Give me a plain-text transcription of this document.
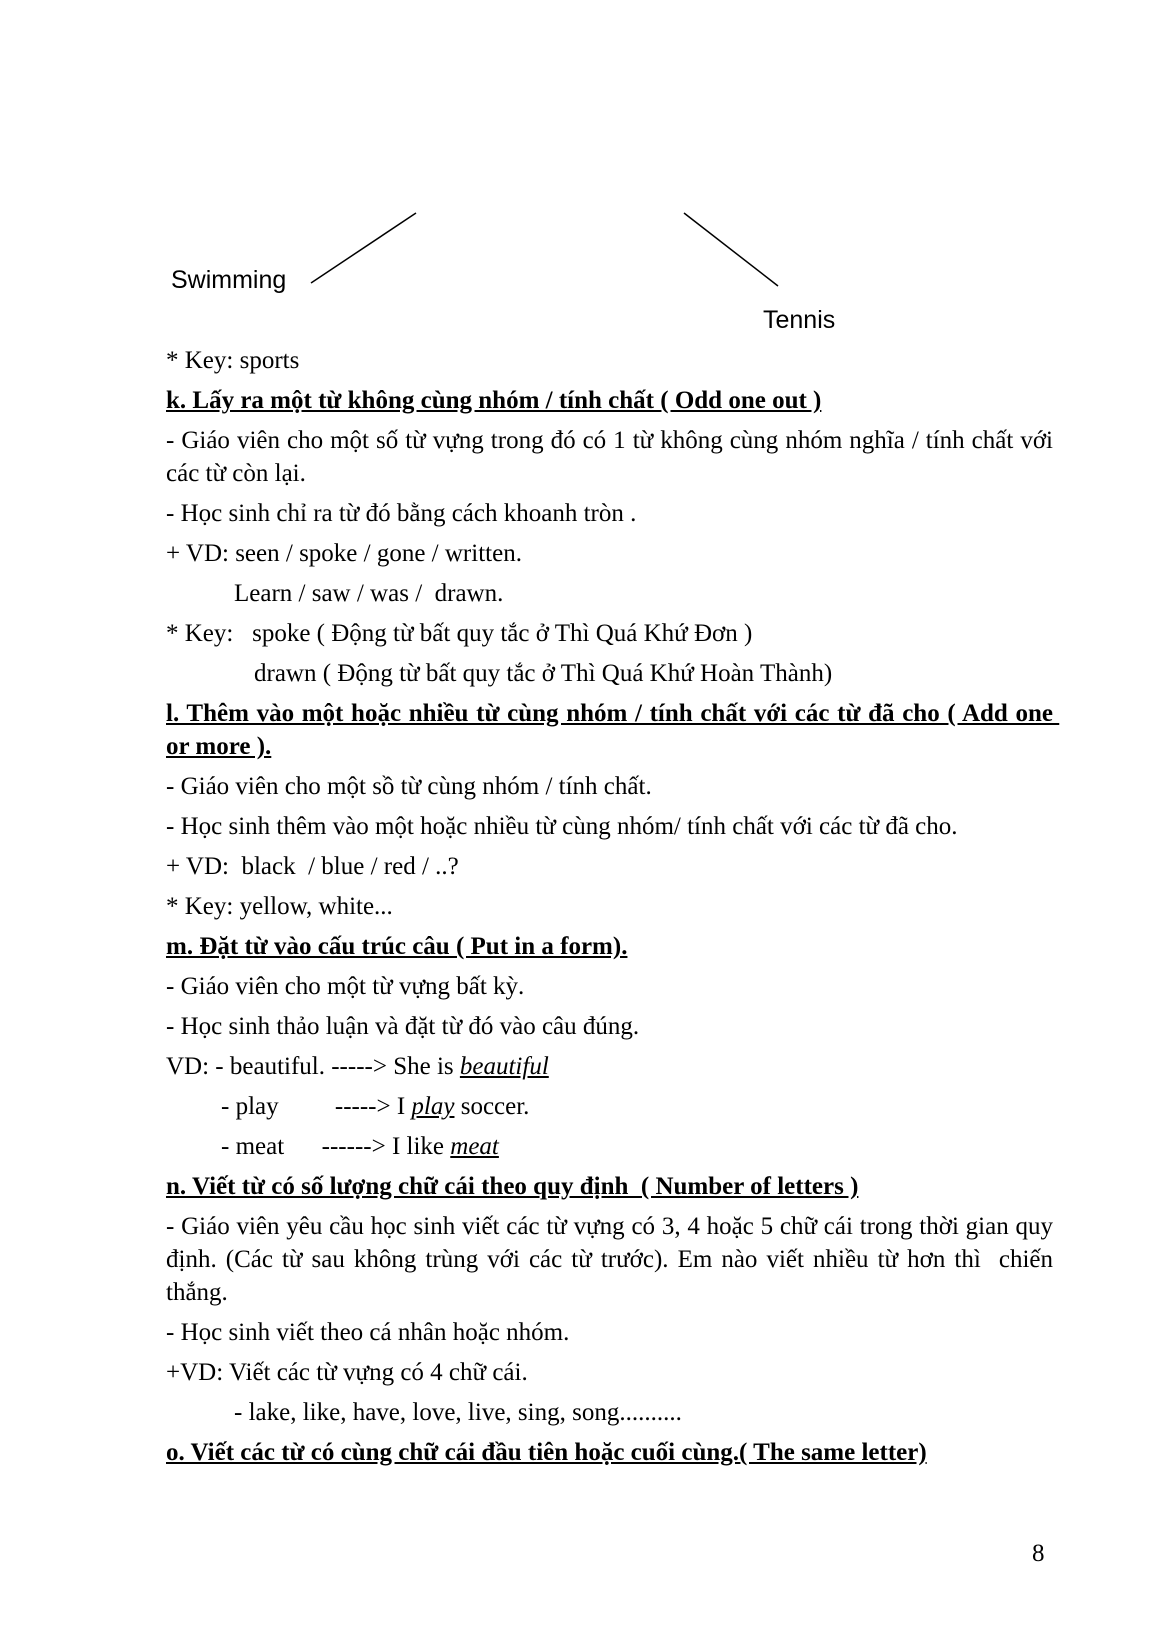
Swimming
Tennis

* Key: sports

k. Lấy ra một từ không cùng nhóm / tính chất ( Odd one out )

- Giáo viên cho một số từ vựng trong đó có 1 từ không cùng nhóm nghĩa / tính chất với các từ còn lại.

- Học sinh chỉ ra từ đó bằng cách khoanh tròn .

+ VD: seen / spoke / gone / written.

Learn / saw / was /  drawn.

* Key:   spoke ( Động từ bất quy tắc ở Thì Quá Khứ Đơn )

drawn ( Động từ bất quy tắc ở Thì Quá Khứ Hoàn Thành)

l. Thêm vào một hoặc nhiều từ cùng nhóm / tính chất với các từ đã cho ( Add one or more ).

- Giáo viên cho một sồ từ cùng nhóm / tính chất.

- Học sinh thêm vào một hoặc nhiều từ cùng nhóm/ tính chất với các từ đã cho.

+ VD:  black  / blue / red / ..?

* Key: yellow, white...

m. Đặt từ vào cấu trúc câu ( Put in a form).

- Giáo viên cho một từ vựng bất kỳ.

- Học sinh thảo luận và đặt từ đó vào câu đúng.

VD: - beautiful. -----> She is beautiful

- play         -----> I play soccer.

- meat      ------> I like meat

n. Viết từ có số lượng chữ cái theo quy định  ( Number of letters )

- Giáo viên yêu cầu học sinh viết các từ vựng có 3, 4 hoặc 5 chữ cái trong thời gian quy định. (Các từ sau không trùng với các từ trước). Em nào viết nhiều từ hơn thì  chiến thắng.

- Học sinh viết theo cá nhân hoặc nhóm.

+VD: Viết các từ vựng có 4 chữ cái.

- lake, like, have, love, live, sing, song..........

o. Viết các từ có cùng chữ cái đầu tiên hoặc cuối cùng.( The same letter)

8
